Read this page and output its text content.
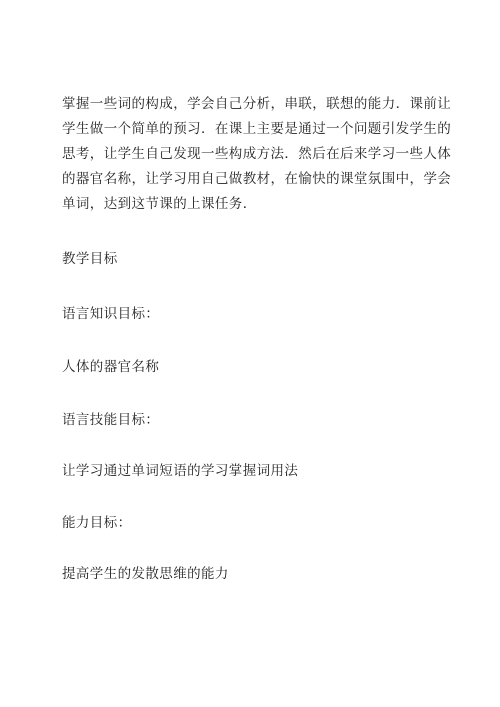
掌握一些词的构成，学会自己分析，串联，联想的能力．课前让
学生做一个简单的预习．在课上主要是通过一个问题引发学生的
思考，让学生自己发现一些构成方法．然后在后来学习一些人体
的器官名称，让学习用自己做教材，在愉快的课堂氛围中，学会
单词，达到这节课的上课任务．

教学目标

语言知识目标：

人体的器官名称

语言技能目标：

让学习通过单词短语的学习掌握词用法

能力目标：

提高学生的发散思维的能力
